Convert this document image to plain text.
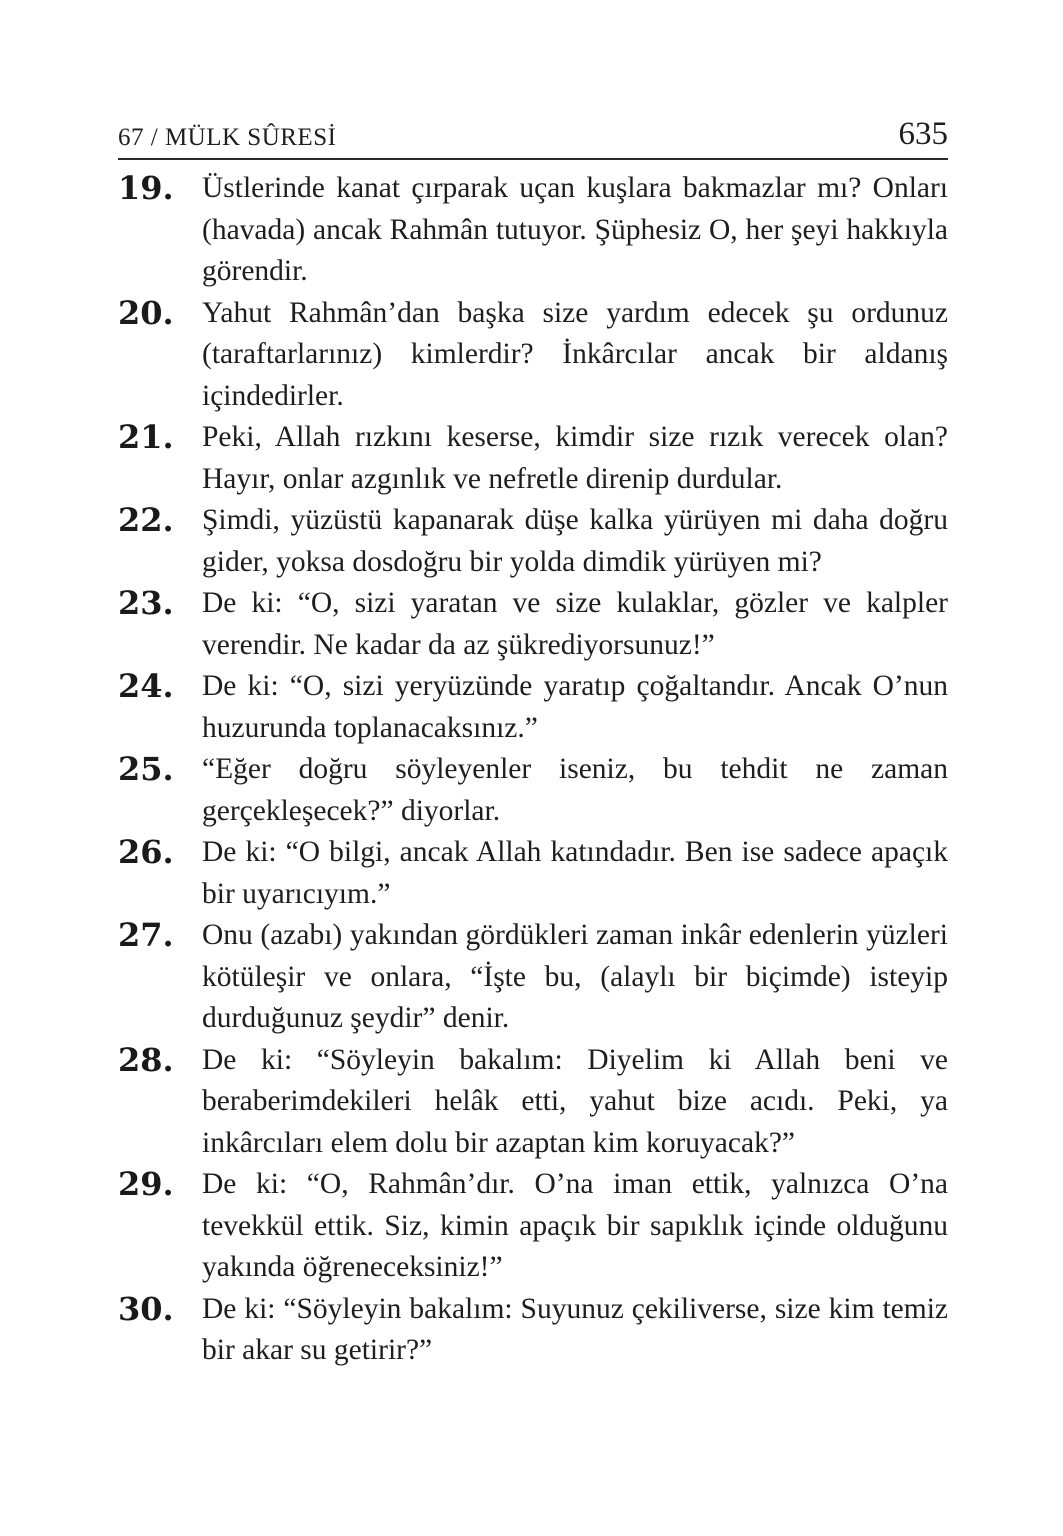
67 / MÜLK SÛRESİ	635
19. Üstlerinde kanat çırparak uçan kuşlara bakmazlar mı? Onları (havada) ancak Rahmân tutuyor. Şüphesiz O, her şeyi hakkıyla görendir.
20. Yahut Rahmân’dan başka size yardım edecek şu ordunuz (taraftarlarınız) kimlerdir? İnkârcılar ancak bir aldanış içindedirler.
21. Peki, Allah rızkını keserse, kimdir size rızık verecek olan? Hayır, onlar azgınlık ve nefretle direnip durdular.
22. Şimdi, yüzüstü kapanarak düşe kalka yürüyen mi daha doğru gider, yoksa dosdoğru bir yolda dimdik yürüyen mi?
23. De ki: “O, sizi yaratan ve size kulaklar, gözler ve kalpler verendir. Ne kadar da az şükrediyorsunuz!”
24. De ki: “O, sizi yeryüzünde yaratıp çoğaltandır. Ancak O’nun huzurunda toplanacaksınız.”
25. “Eğer doğru söyleyenler iseniz, bu tehdit ne zaman gerçekleşecek?” diyorlar.
26. De ki: “O bilgi, ancak Allah katındadır. Ben ise sadece apaçık bir uyarıcıyım.”
27. Onu (azabı) yakından gördükleri zaman inkâr edenlerin yüzleri kötüleşir ve onlara, “İşte bu, (alaylı bir biçimde) isteyip durduğunuz şeydir” denir.
28. De ki: “Söyleyin bakalım: Diyelim ki Allah beni ve beraberimdekileri helâk etti, yahut bize acıdı. Peki, ya inkârcıları elem dolu bir azaptan kim koruyacak?”
29. De ki: “O, Rahmân’dır. O’na iman ettik, yalnızca O’na tevekkül ettik. Siz, kimin apaçık bir sapıklık içinde olduğunu yakında öğreneceksiniz!”
30. De ki: “Söyleyin bakalım: Suyunuz çekiliverse, size kim temiz bir akar su getirir?”
